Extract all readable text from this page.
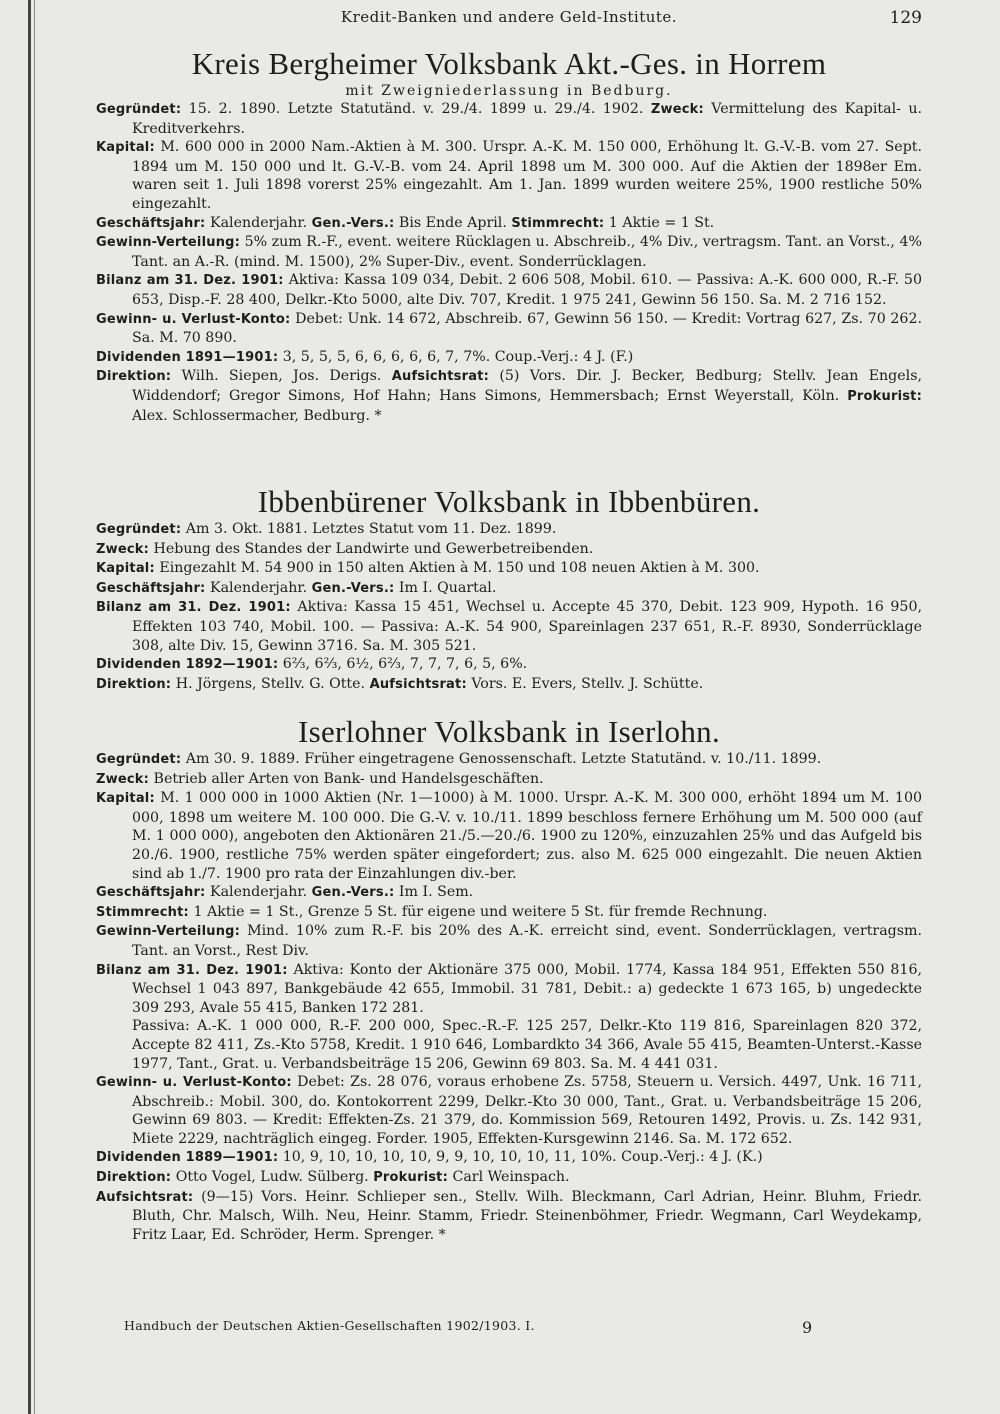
Kredit-Banken und andere Geld-Institute.	129
Kreis Bergheimer Volksbank Akt.-Ges. in Horrem
mit Zweigniederlassung in Bedburg.
Gegründet: 15. 2. 1890. Letzte Statutänd. v. 29./4. 1899 u. 29./4. 1902. Zweck: Vermittelung des Kapital- u. Kreditverkehrs.
Kapital: M. 600 000 in 2000 Nam.-Aktien à M. 300. Urspr. A.-K. M. 150 000, Erhöhung lt. G.-V.-B. vom 27. Sept. 1894 um M. 150 000 und lt. G.-V.-B. vom 24. April 1898 um M. 300 000. Auf die Aktien der 1898er Em. waren seit 1. Juli 1898 vorerst 25% eingezahlt. Am 1. Jan. 1899 wurden weitere 25%, 1900 restliche 50% eingezahlt.
Geschäftsjahr: Kalenderjahr. Gen.-Vers.: Bis Ende April. Stimmrecht: 1 Aktie = 1 St.
Gewinn-Verteilung: 5% zum R.-F., event. weitere Rücklagen u. Abschreib., 4% Div., vertragsm. Tant. an Vorst., 4% Tant. an A.-R. (mind. M. 1500), 2% Super-Div., event. Sonderrücklagen.
Bilanz am 31. Dez. 1901: Aktiva: Kassa 109 034, Debit. 2 606 508, Mobil. 610. — Passiva: A.-K. 600 000, R.-F. 50 653, Disp.-F. 28 400, Delkr.-Kto 5000, alte Div. 707, Kredit. 1 975 241, Gewinn 56 150. Sa. M. 2 716 152.
Gewinn- u. Verlust-Konto: Debet: Unk. 14 672, Abschreib. 67, Gewinn 56 150. — Kredit: Vortrag 627, Zs. 70 262. Sa. M. 70 890.
Dividenden 1891—1901: 3, 5, 5, 5, 6, 6, 6, 6, 6, 7, 7%. Coup.-Verj.: 4 J. (F.)
Direktion: Wilh. Siepen, Jos. Derigs. Aufsichtsrat: (5) Vors. Dir. J. Becker, Bedburg; Stellv. Jean Engels, Widdendorf; Gregor Simons, Hof Hahn; Hans Simons, Hemmersbach; Ernst Weyerstall, Köln. Prokurist: Alex. Schlossermacher, Bedburg. *
Ibbenbürener Volksbank in Ibbenbüren.
Gegründet: Am 3. Okt. 1881. Letztes Statut vom 11. Dez. 1899.
Zweck: Hebung des Standes der Landwirte und Gewerbetreibenden.
Kapital: Eingezahlt M. 54 900 in 150 alten Aktien à M. 150 und 108 neuen Aktien à M. 300.
Geschäftsjahr: Kalenderjahr. Gen.-Vers.: Im I. Quartal.
Bilanz am 31. Dez. 1901: Aktiva: Kassa 15 451, Wechsel u. Accepte 45 370, Debit. 123 909, Hypoth. 16 950, Effekten 103 740, Mobil. 100. — Passiva: A.-K. 54 900, Spareinlagen 237 651, R.-F. 8930, Sonderrücklage 308, alte Div. 15, Gewinn 3716. Sa. M. 305 521.
Dividenden 1892—1901: 6⅔, 6⅔, 6½, 6⅔, 7, 7, 7, 6, 5, 6%.
Direktion: H. Jörgens, Stellv. G. Otte. Aufsichtsrat: Vors. E. Evers, Stellv. J. Schütte.
Iserlohner Volksbank in Iserlohn.
Gegründet: Am 30. 9. 1889. Früher eingetragene Genossenschaft. Letzte Statutänd. v. 10./11. 1899.
Zweck: Betrieb aller Arten von Bank- und Handelsgeschäften.
Kapital: M. 1 000 000 in 1000 Aktien (Nr. 1—1000) à M. 1000. Urspr. A.-K. M. 300 000, erhöht 1894 um M. 100 000, 1898 um weitere M. 100 000. Die G.-V. v. 10./11. 1899 beschloss fernere Erhöhung um M. 500 000 (auf M. 1 000 000), angeboten den Aktionären 21./5.—20./6. 1900 zu 120%, einzuzahlen 25% und das Aufgeld bis 20./6. 1900, restliche 75% werden später eingefordert; zus. also M. 625 000 eingezahlt. Die neuen Aktien sind ab 1./7. 1900 pro rata der Einzahlungen div.-ber.
Geschäftsjahr: Kalenderjahr. Gen.-Vers.: Im I. Sem.
Stimmrecht: 1 Aktie = 1 St., Grenze 5 St. für eigene und weitere 5 St. für fremde Rechnung.
Gewinn-Verteilung: Mind. 10% zum R.-F. bis 20% des A.-K. erreicht sind, event. Sonderrücklagen, vertragsm. Tant. an Vorst., Rest Div.
Bilanz am 31. Dez. 1901: Aktiva: Konto der Aktionäre 375 000, Mobil. 1774, Kassa 184 951, Effekten 550 816, Wechsel 1 043 897, Bankgebäude 42 655, Immobil. 31 781, Debit.: a) gedeckte 1 673 165, b) ungedeckte 309 293, Avale 55 415, Banken 172 281.
Passiva: A.-K. 1 000 000, R.-F. 200 000, Spec.-R.-F. 125 257, Delkr.-Kto 119 816, Spareinlagen 820 372, Accepte 82 411, Zs.-Kto 5758, Kredit. 1 910 646, Lombardkto 34 366, Avale 55 415, Beamten-Unterst.-Kasse 1977, Tant., Grat. u. Verbandsbeiträge 15 206, Gewinn 69 803. Sa. M. 4 441 031.
Gewinn- u. Verlust-Konto: Debet: Zs. 28 076, voraus erhobene Zs. 5758, Steuern u. Versich. 4497, Unk. 16 711, Abschreib.: Mobil. 300, do. Kontokorrent 2299, Delkr.-Kto 30 000, Tant., Grat. u. Verbandsbeiträge 15 206, Gewinn 69 803. — Kredit: Effekten-Zs. 21 379, do. Kommission 569, Retouren 1492, Provis. u. Zs. 142 931, Miete 2229, nachträglich eingeg. Forder. 1905, Effekten-Kursgewinn 2146. Sa. M. 172 652.
Dividenden 1889—1901: 10, 9, 10, 10, 10, 10, 9, 9, 10, 10, 10, 11, 10%. Coup.-Verj.: 4 J. (K.)
Direktion: Otto Vogel, Ludw. Sülberg. Prokurist: Carl Weinspach.
Aufsichtsrat: (9—15) Vors. Heinr. Schlieper sen., Stellv. Wilh. Bleckmann, Carl Adrian, Heinr. Bluhm, Friedr. Bluth, Chr. Malsch, Wilh. Neu, Heinr. Stamm, Friedr. Steinenböhmer, Friedr. Wegmann, Carl Weydekamp, Fritz Laar, Ed. Schröder, Herm. Sprenger. *
Handbuch der Deutschen Aktien-Gesellschaften 1902/1903. I.	9
